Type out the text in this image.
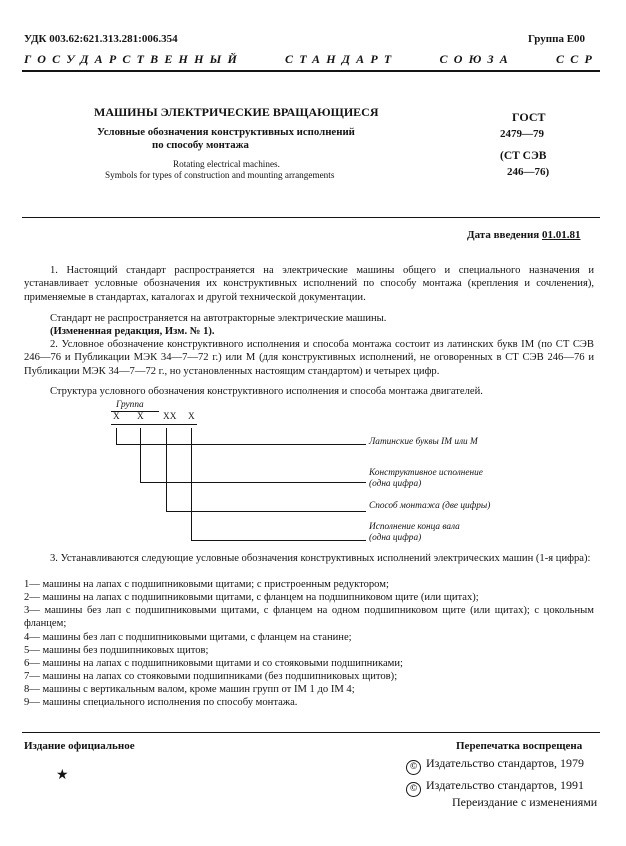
УДК 003.62:621.313.281:006.354	Группа Е00
ГОСУДАРСТВЕННЫЙ СТАНДАРТ СОЮЗА ССР
МАШИНЫ ЭЛЕКТРИЧЕСКИЕ ВРАЩАЮЩИЕСЯ
Условные обозначения конструктивных исполнений
по способу монтажа
Rotating electrical machines.
Symbols for types of construction and mounting arrangements
ГОСТ
2479—79
(СТ СЭВ
246—76)
Дата введения 01.01.81
1. Настоящий стандарт распространяется на электрические машины общего и специального назначения и устанавливает условные обозначения их конструктивных исполнений по способу монтажа (крепления и сочленения), применяемые в стандартах, каталогах и другой технической документации.
Стандарт не распространяется на автотракторные электрические машины.
(Измененная редакция, Изм. № 1).
2. Условное обозначение конструктивного исполнения и способа монтажа состоит из латинских букв IM (по СТ СЭВ 246—76 и Публикации МЭК 34—7—72 г.) или М (для конструктивных исполнений, не оговоренных в СТ СЭВ 246—76 и Публикации МЭК 34—7—72 г., но установленных настоящим стандартом) и четырех цифр.
Структура условного обозначения конструктивного исполнения и способа монтажа двигателей.
Группа
X X XX X
Латинские буквы IM или М
Конструктивное исполнение
(одна цифра)
Способ монтажа (две цифры)
Исполнение конца вала
(одна цифра)
3. Устанавливаются следующие условные обозначения конструктивных исполнений электрических машин (1-я цифра):
1— машины на лапах с подшипниковыми щитами; с пристроенным редуктором;
2— машины на лапах с подшипниковыми щитами, с фланцем на подшипниковом щите (или щитах);
3— машины без лап с подшипниковыми щитами, с фланцем на одном подшипниковом щите (или щитах); с цокольным фланцем;
4— машины без лап с подшипниковыми щитами, с фланцем на станине;
5— машины без подшипниковых щитов;
6— машины на лапах с подшипниковыми щитами и со стояковыми подшипниками;
7— машины на лапах со стояковыми подшипниками (без подшипниковых щитов);
8— машины с вертикальным валом, кроме машин групп от IM 1 до IM 4;
9— машины специального исполнения по способу монтажа.
Издание официальное	Перепечатка воспрещена
★
© Издательство стандартов, 1979
© Издательство стандартов, 1991
Переиздание с изменениями
